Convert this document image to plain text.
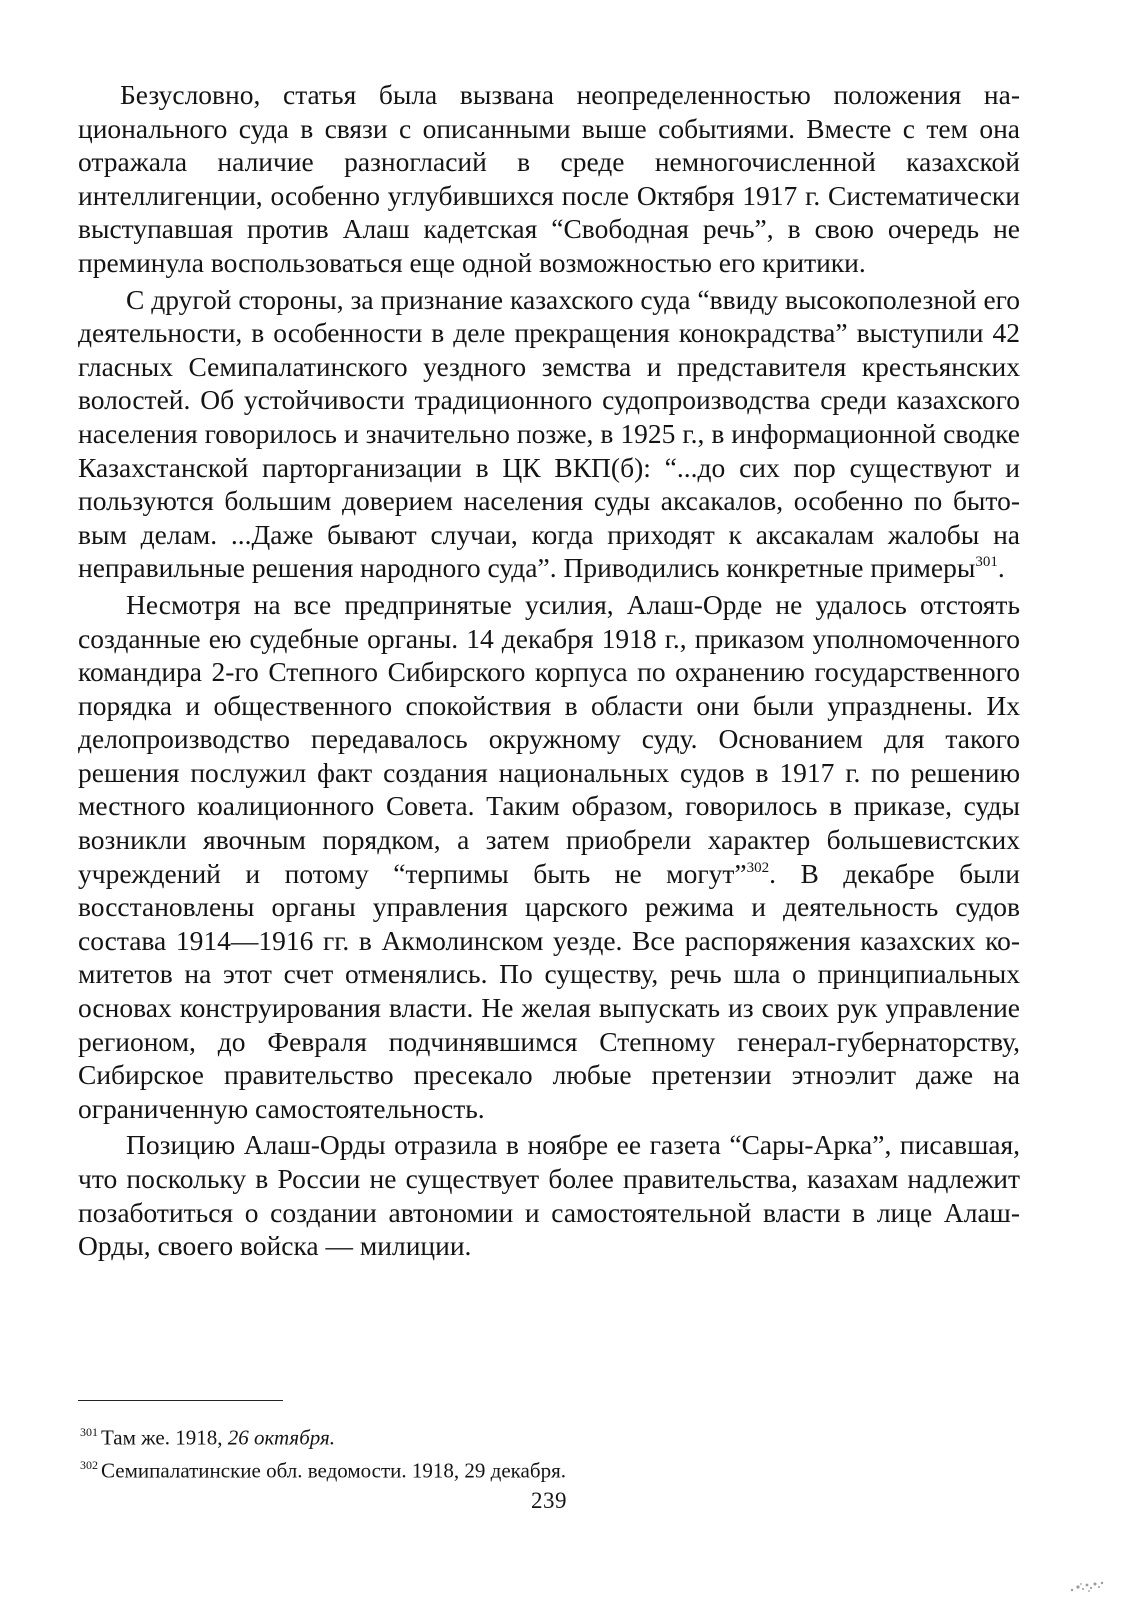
Безусловно, статья была вызвана неопределенностью положения национального суда в связи с описанными выше событиями. Вместе с тем она отражала наличие разногласий в среде немногочисленной казахской интеллигенции, особенно углубившихся после Октября 1917 г. Систематически выступавшая против Алаш кадетская “Свободная речь”, в свою очередь не преминула воспользоваться еще одной возможностью его критики.

С другой стороны, за признание казахского суда “ввиду высокополезной его деятельности, в особенности в деле прекращения конокрадства” выступили 42 гласных Семипалатинского уездного земства и представителя крестьянских волостей. Об устойчивости традиционного судопроизводства среди казахского населения говорилось и значительно позже, в 1925 г., в информационной сводке Казахстанской парторганизации в ЦК ВКП(б): “...до сих пор существуют и пользуются большим доверием населения суды аксакалов, особенно по бытовым делам. ...Даже бывают случаи, когда приходят к аксакалам жалобы на неправильные решения народного суда”. Приводились конкретные примеры$^{301}$.

Несмотря на все предпринятые усилия, Алаш-Орде не удалось отстоять созданные ею судебные органы. 14 декабря 1918 г., приказом уполномоченного командира 2-го Степного Сибирского корпуса по охранению государственного порядка и общественного спокойствия в области они были упразднены. Их делопроизводство передавалось окружному суду. Основанием для такого решения послужил факт создания национальных судов в 1917 г. по решению местного коалиционного Совета. Таким образом, говорилось в приказе, суды возникли явочным порядком, а затем приобрели характер большевистских учреждений и потому “терпимы быть не могут”$^{302}$. В декабре были восстановлены органы управления царского режима и деятельность судов состава 1914—1916 гг. в Акмолинском уезде. Все распоряжения казахских комитетов на этот счет отменялись. По существу, речь шла о принципиальных основах конструирования власти. Не желая выпускать из своих рук управление регионом, до Февраля подчинявшимся Степному генерал-губернаторству, Сибирское правительство пресекало любые претензии этноэлит даже на ограниченную самостоятельность.

Позицию Алаш-Орды отразила в ноябре ее газета “Сары-Арка”, писавшая, что поскольку в России не существует более правительства, казахам надлежит позаботиться о создании автономии и самостоятельной власти в лице Алаш-Орды, своего войска — милиции.

$^{301}$ Там же. 1918, 26 октября.

$^{302}$ Семипалатинские обл. ведомости. 1918, 29 декабря.

239
